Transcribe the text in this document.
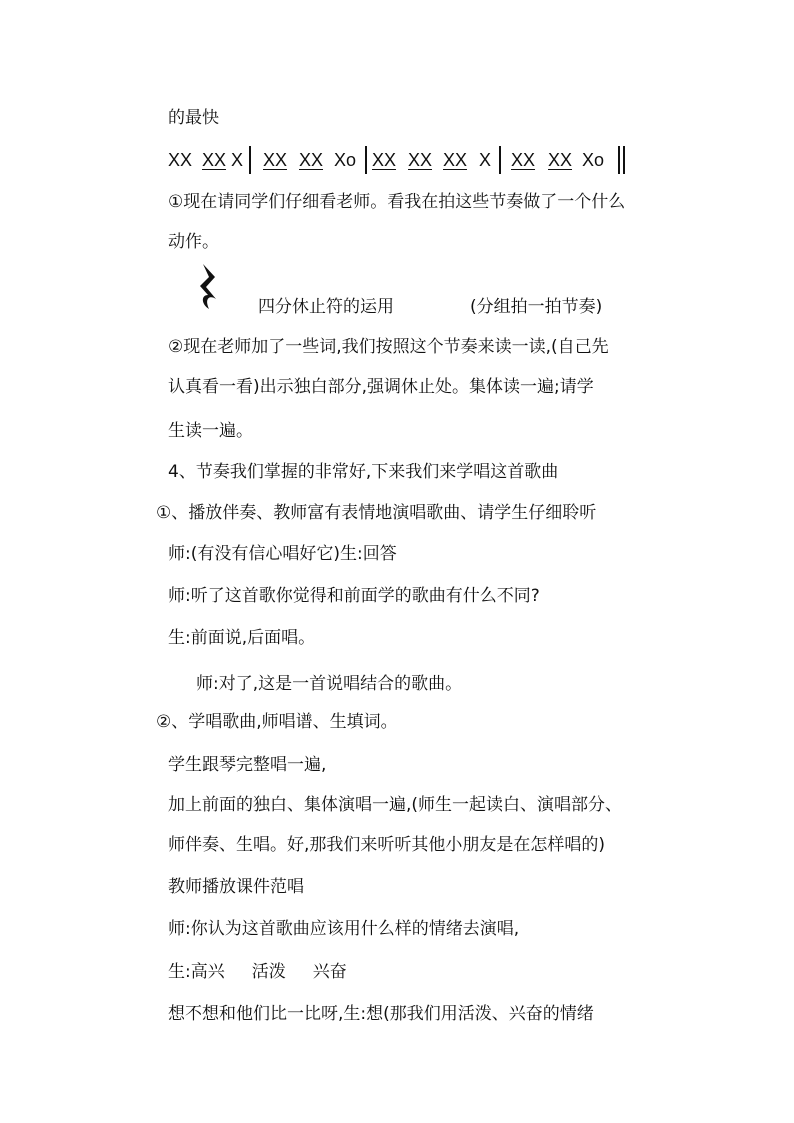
的最快
XX XX X XX XX Xo XX XX XX X XX XX Xo
①现在请同学们仔细看老师。看我在拍这些节奏做了一个什么
动作。
四分休止符的运用	(分组拍一拍节奏)
②现在老师加了一些词,我们按照这个节奏来读一读,(自己先
认真看一看)出示独白部分,强调休止处。集体读一遍;请学
生读一遍。
4、节奏我们掌握的非常好,下来我们来学唱这首歌曲
①、播放伴奏、教师富有表情地演唱歌曲、请学生仔细聆听
师:(有没有信心唱好它)生:回答
师:听了这首歌你觉得和前面学的歌曲有什么不同?
生:前面说,后面唱。
师:对了,这是一首说唱结合的歌曲。
②、学唱歌曲,师唱谱、生填词。
学生跟琴完整唱一遍,
加上前面的独白、集体演唱一遍,(师生一起读白、演唱部分、
师伴奏、生唱。好,那我们来听听其他小朋友是在怎样唱的)
教师播放课件范唱
师:你认为这首歌曲应该用什么样的情绪去演唱,
生:高兴     活泼     兴奋
想不想和他们比一比呀,生:想(那我们用活泼、兴奋的情绪
